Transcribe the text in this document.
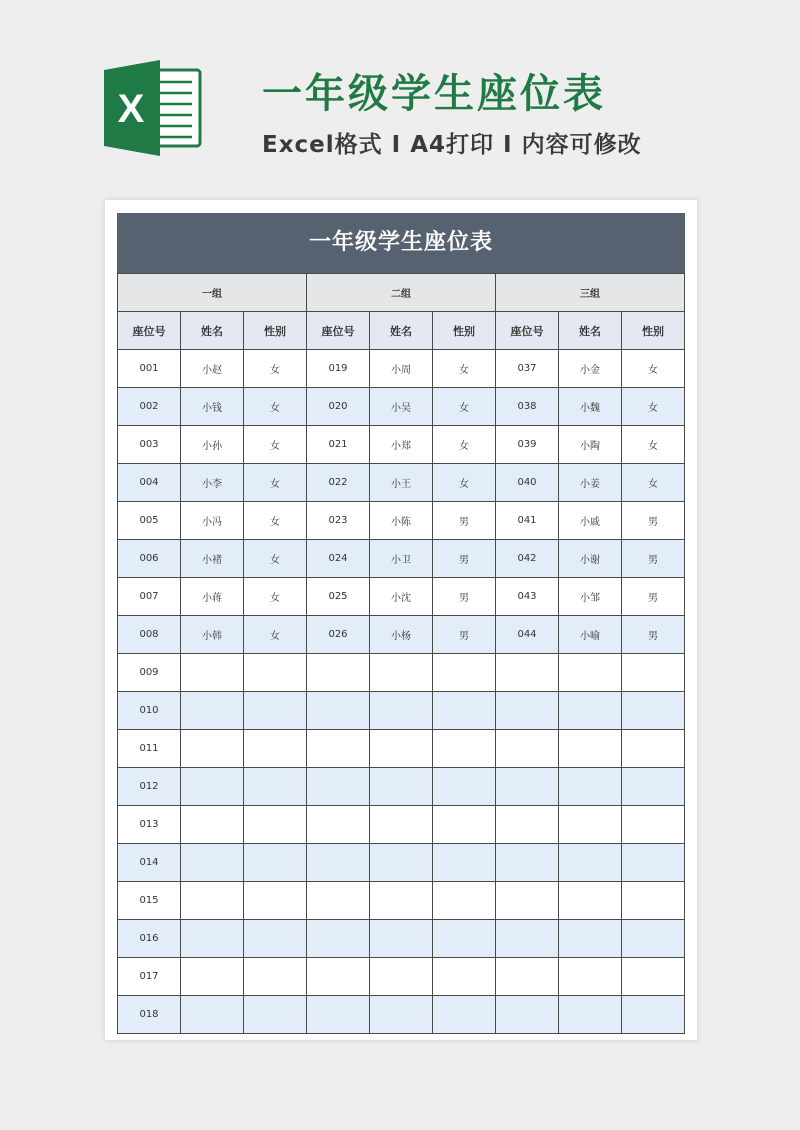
X	一年级学生座位表
Excel格式 I A4打印 I 内容可修改
一年级学生座位表
一组			二组			三组		
座位号	姓名	性别	座位号	姓名	性别	座位号	姓名	性别
001	小赵	女	019	小周	女	037	小金	女
002	小钱	女	020	小吴	女	038	小魏	女
003	小孙	女	021	小郑	女	039	小陶	女
004	小李	女	022	小王	女	040	小姜	女
005	小冯	女	023	小陈	男	041	小戚	男
006	小褚	女	024	小卫	男	042	小谢	男
007	小蒋	女	025	小沈	男	043	小邹	男
008	小韩	女	026	小杨	男	044	小喻	男
009								
010								
011								
012								
013								
014								
015								
016								
017								
018								
